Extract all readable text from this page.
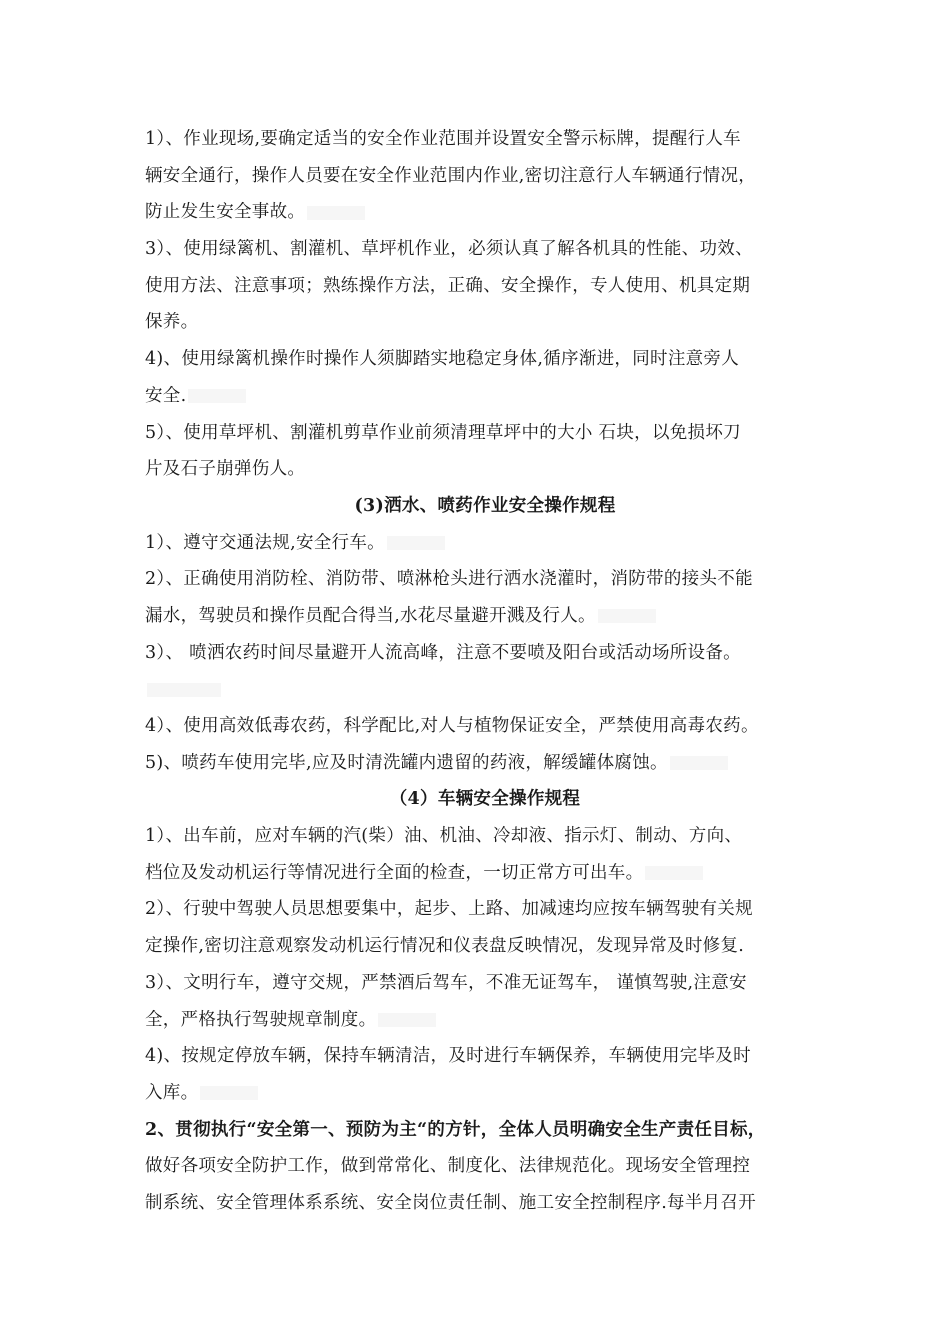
1）、作业现场,要确定适当的安全作业范围并设置安全警示标牌，提醒行人车
辆安全通行，操作人员要在安全作业范围内作业,密切注意行人车辆通行情况，
防止发生安全事故。
3）、使用绿篱机、割灌机、草坪机作业，必须认真了解各机具的性能、功效、
使用方法、注意事项；熟练操作方法，正确、安全操作，专人使用、机具定期
保养。
4)、使用绿篱机操作时操作人须脚踏实地稳定身体,循序渐进，同时注意旁人
安全.
5）、使用草坪机、割灌机剪草作业前须清理草坪中的大小 石块，以免损坏刀
片及石子崩弹伤人。
(3)洒水、喷药作业安全操作规程
1）、遵守交通法规,安全行车。
2）、正确使用消防栓、消防带、喷淋枪头进行洒水浇灌时，消防带的接头不能
漏水，驾驶员和操作员配合得当,水花尽量避开溅及行人。
3）、 喷洒农药时间尽量避开人流高峰，注意不要喷及阳台或活动场所设备。
4）、使用高效低毒农药，科学配比,对人与植物保证安全，严禁使用高毒农药。
5)、喷药车使用完毕,应及时清洗罐内遗留的药液，解缓罐体腐蚀。
（4）车辆安全操作规程
1）、出车前，应对车辆的汽(柴）油、机油、冷却液、指示灯、制动、方向、
档位及发动机运行等情况进行全面的检查，一切正常方可出车。
2）、行驶中驾驶人员思想要集中，起步、上路、加减速均应按车辆驾驶有关规
定操作,密切注意观察发动机运行情况和仪表盘反映情况，发现异常及时修复.
3）、文明行车，遵守交规，严禁酒后驾车，不准无证驾车， 谨慎驾驶,注意安
全，严格执行驾驶规章制度。
4)、按规定停放车辆，保持车辆清洁，及时进行车辆保养，车辆使用完毕及时
入库。
2、贯彻执行“安全第一、预防为主“的方针，全体人员明确安全生产责任目标，
做好各项安全防护工作，做到常常化、制度化、法律规范化。现场安全管理控
制系统、安全管理体系系统、安全岗位责任制、施工安全控制程序.每半月召开
